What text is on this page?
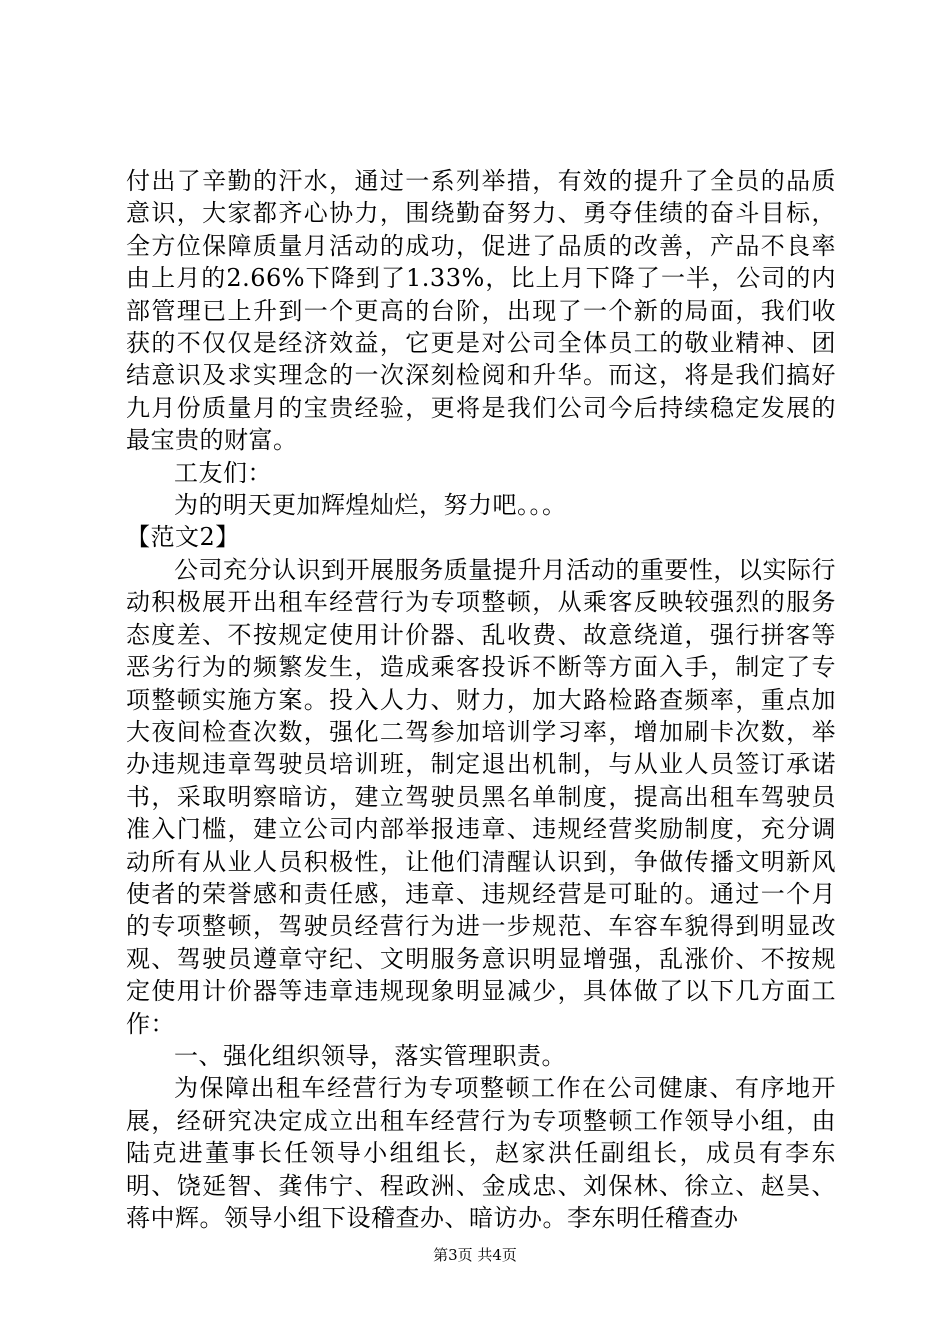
付出了辛勤的汗水，通过一系列举措，有效的提升了全员的品质意识，大家都齐心协力，围绕勤奋努力、勇夺佳绩的奋斗目标，全方位保障质量月活动的成功，促进了品质的改善，产品不良率由上月的2.66%下降到了1.33%，比上月下降了一半，公司的内部管理已上升到一个更高的台阶，出现了一个新的局面，我们收获的不仅仅是经济效益，它更是对公司全体员工的敬业精神、团结意识及求实理念的一次深刻检阅和升华。而这，将是我们搞好九月份质量月的宝贵经验，更将是我们公司今后持续稳定发展的最宝贵的财富。

工友们：

为的明天更加辉煌灿烂，努力吧。。。

【范文2】

公司充分认识到开展服务质量提升月活动的重要性，以实际行动积极展开出租车经营行为专项整顿，从乘客反映较强烈的服务态度差、不按规定使用计价器、乱收费、故意绕道，强行拼客等恶劣行为的频繁发生，造成乘客投诉不断等方面入手，制定了专项整顿实施方案。投入人力、财力，加大路检路查频率，重点加大夜间检查次数，强化二驾参加培训学习率，增加刷卡次数，举办违规违章驾驶员培训班，制定退出机制，与从业人员签订承诺书，采取明察暗访，建立驾驶员黑名单制度，提高出租车驾驶员准入门槛，建立公司内部举报违章、违规经营奖励制度，充分调动所有从业人员积极性，让他们清醒认识到，争做传播文明新风使者的荣誉感和责任感，违章、违规经营是可耻的。通过一个月的专项整顿，驾驶员经营行为进一步规范、车容车貌得到明显改观、驾驶员遵章守纪、文明服务意识明显增强，乱涨价、不按规定使用计价器等违章违规现象明显减少，具体做了以下几方面工作：

一、强化组织领导，落实管理职责。

为保障出租车经营行为专项整顿工作在公司健康、有序地开展，经研究决定成立出租车经营行为专项整顿工作领导小组，由陆克进董事长任领导小组组长，赵家洪任副组长，成员有李东明、饶延智、龚伟宁、程政洲、金成忠、刘保林、徐立、赵昊、蒋中辉。领导小组下设稽查办、暗访办。李东明任稽查办

第3页 共4页
